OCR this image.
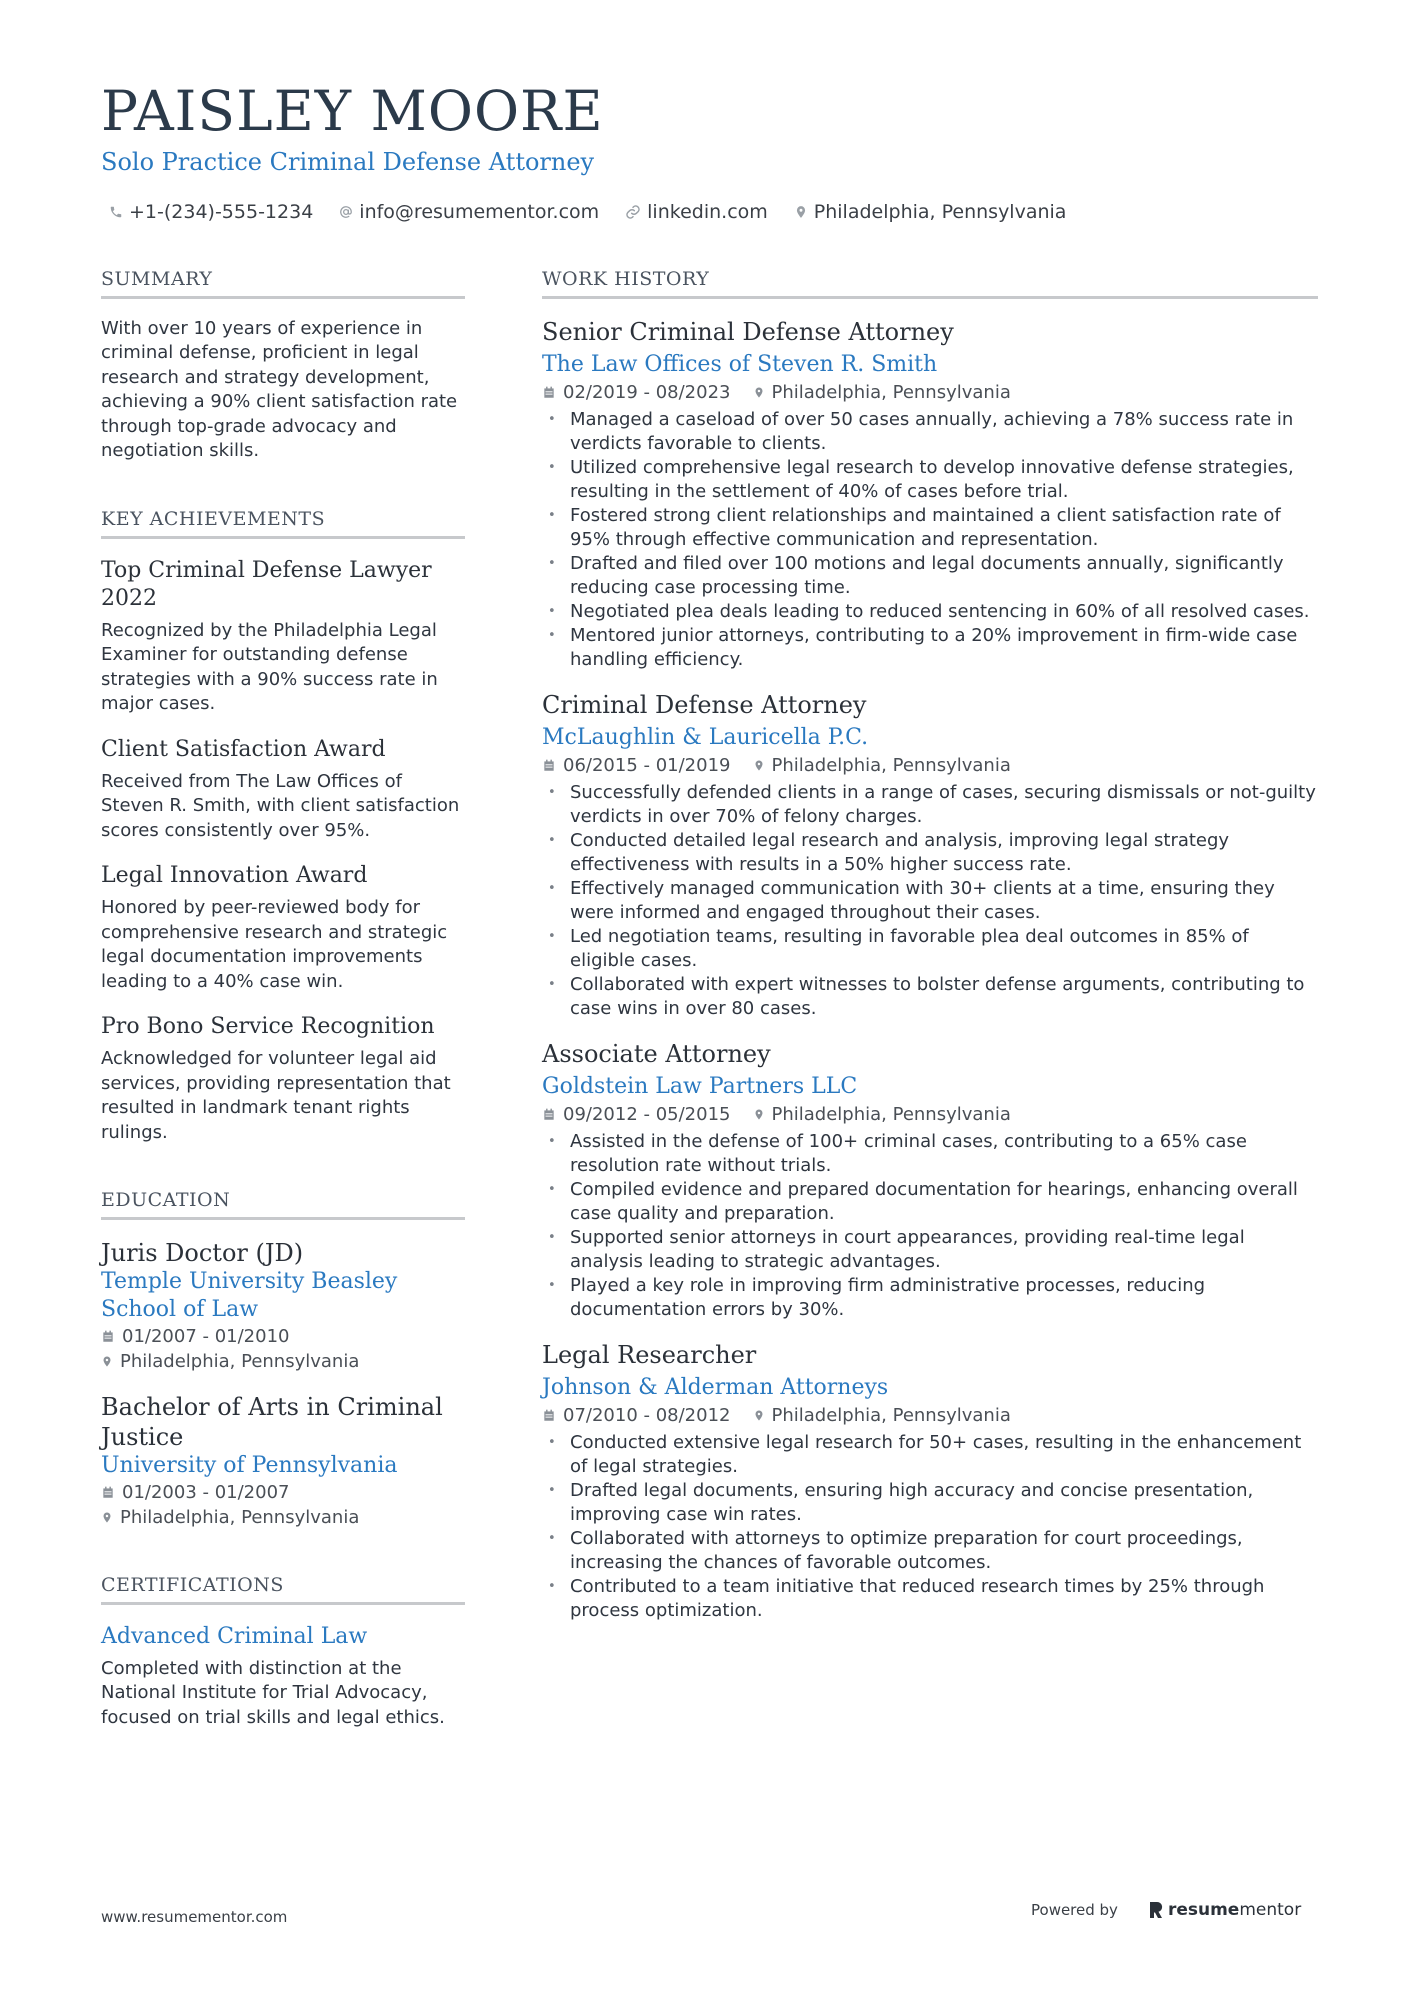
PAISLEY MOORE
Solo Practice Criminal Defense Attorney
+1-(234)-555-1234 info@resumementor.com	linkedin.com Philadelphia, Pennsylvania
SUMMARY
With over 10 years of experience in criminal defense, proficient in legal research and strategy development, achieving a 90% client satisfaction rate through top-grade advocacy and negotiation skills.
KEY ACHIEVEMENTS
Top Criminal Defense Lawyer 2022
Recognized by the Philadelphia Legal Examiner for outstanding defense strategies with a 90% success rate in major cases.
Client Satisfaction Award
Received from The Law Offices of Steven R. Smith, with client satisfaction scores consistently over 95%.
Legal Innovation Award
Honored by peer-reviewed body for comprehensive research and strategic legal documentation improvements leading to a 40% case win.
Pro Bono Service Recognition
Acknowledged for volunteer legal aid services, providing representation that resulted in landmark tenant rights rulings.
EDUCATION
Juris Doctor (JD)
Temple University Beasley School of Law
01/2007 - 01/2010
Philadelphia, Pennsylvania
Bachelor of Arts in Criminal Justice
University of Pennsylvania
01/2003 - 01/2007
Philadelphia, Pennsylvania
CERTIFICATIONS
Advanced Criminal Law
Completed with distinction at the National Institute for Trial Advocacy, focused on trial skills and legal ethics.
WORK HISTORY
Senior Criminal Defense Attorney
The Law Offices of Steven R. Smith
02/2019 - 08/2023 Philadelphia, Pennsylvania
• Managed a caseload of over 50 cases annually, achieving a 78% success rate in verdicts favorable to clients.
• Utilized comprehensive legal research to develop innovative defense strategies, resulting in the settlement of 40% of cases before trial.
• Fostered strong client relationships and maintained a client satisfaction rate of 95% through effective communication and representation.
• Drafted and filed over 100 motions and legal documents annually, significantly reducing case processing time.
• Negotiated plea deals leading to reduced sentencing in 60% of all resolved cases.
• Mentored junior attorneys, contributing to a 20% improvement in firm-wide case handling efficiency.
Criminal Defense Attorney
McLaughlin & Lauricella P.C.
06/2015 - 01/2019 Philadelphia, Pennsylvania
• Successfully defended clients in a range of cases, securing dismissals or not-guilty verdicts in over 70% of felony charges.
• Conducted detailed legal research and analysis, improving legal strategy effectiveness with results in a 50% higher success rate.
• Effectively managed communication with 30+ clients at a time, ensuring they were informed and engaged throughout their cases.
• Led negotiation teams, resulting in favorable plea deal outcomes in 85% of eligible cases.
• Collaborated with expert witnesses to bolster defense arguments, contributing to case wins in over 80 cases.
Associate Attorney
Goldstein Law Partners LLC
09/2012 - 05/2015 Philadelphia, Pennsylvania
• Assisted in the defense of 100+ criminal cases, contributing to a 65% case resolution rate without trials.
• Compiled evidence and prepared documentation for hearings, enhancing overall case quality and preparation.
• Supported senior attorneys in court appearances, providing real-time legal analysis leading to strategic advantages.
• Played a key role in improving firm administrative processes, reducing documentation errors by 30%.
Legal Researcher
Johnson & Alderman Attorneys
07/2010 - 08/2012 Philadelphia, Pennsylvania
• Conducted extensive legal research for 50+ cases, resulting in the enhancement of legal strategies.
• Drafted legal documents, ensuring high accuracy and concise presentation, improving case win rates.
• Collaborated with attorneys to optimize preparation for court proceedings, increasing the chances of favorable outcomes.
• Contributed to a team initiative that reduced research times by 25% through process optimization.
www.resumementor.com	Powered by	resume mentor
